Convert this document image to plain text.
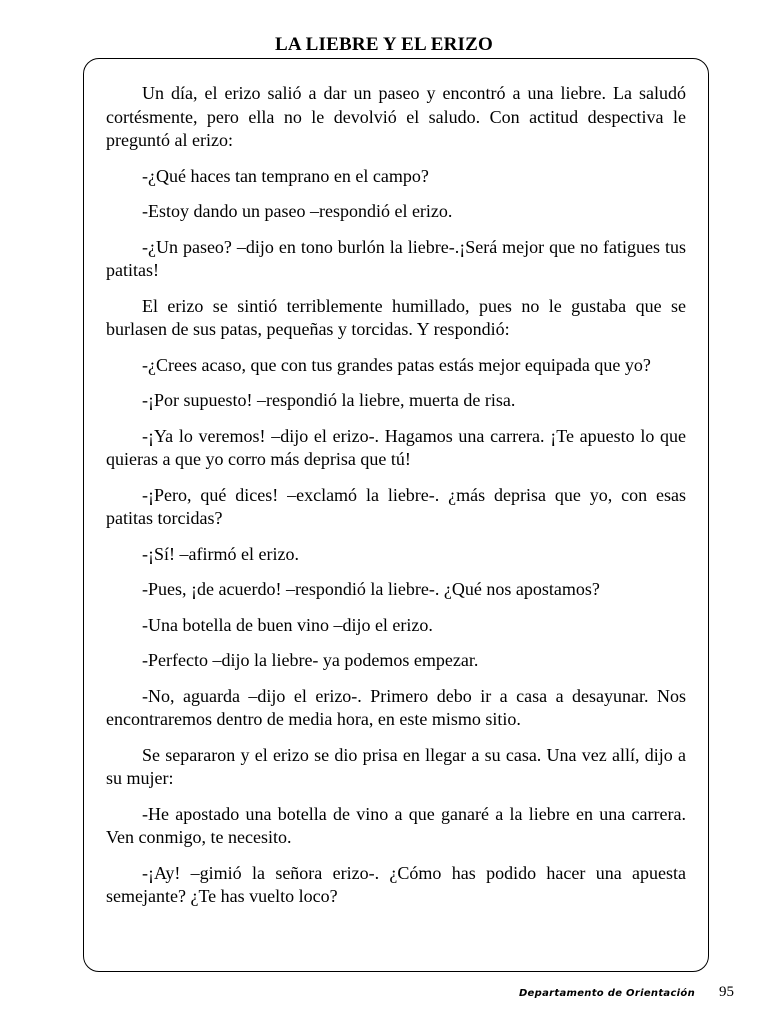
LA LIEBRE Y EL ERIZO

Un día, el erizo salió a dar un paseo y encontró a una liebre. La saludó cortésmente, pero ella no le devolvió el saludo. Con actitud despectiva le preguntó al erizo:

-¿Qué haces tan temprano en el campo?

-Estoy dando un paseo –respondió el erizo.

-¿Un paseo? –dijo en tono burlón la liebre-.¡Será mejor que no fatigues tus patitas!

El erizo se sintió terriblemente humillado, pues no le gustaba que se burlasen de sus patas, pequeñas y torcidas. Y respondió:

-¿Crees acaso, que con tus grandes patas estás mejor equipada que yo?

-¡Por supuesto! –respondió la liebre, muerta de risa.

-¡Ya lo veremos! –dijo el erizo-. Hagamos una carrera. ¡Te apuesto lo que quieras a que yo corro más deprisa que tú!

-¡Pero, qué dices! –exclamó la liebre-. ¿más deprisa que yo, con esas patitas torcidas?

-¡Sí! –afirmó el erizo.

-Pues, ¡de acuerdo! –respondió la liebre-. ¿Qué nos apostamos?

-Una botella de buen vino –dijo el erizo.

-Perfecto –dijo la liebre- ya podemos empezar.

-No, aguarda –dijo el erizo-. Primero debo ir a casa a desayunar. Nos encontraremos dentro de media hora, en este mismo sitio.

Se separaron y el erizo se dio prisa en llegar a su casa. Una vez allí, dijo a su mujer:

-He apostado una botella de vino a que ganaré a la liebre en una carrera. Ven conmigo, te necesito.

-¡Ay! –gimió la señora erizo-. ¿Cómo has podido hacer una apuesta semejante? ¿Te has vuelto loco?

Departamento de Orientación 95
